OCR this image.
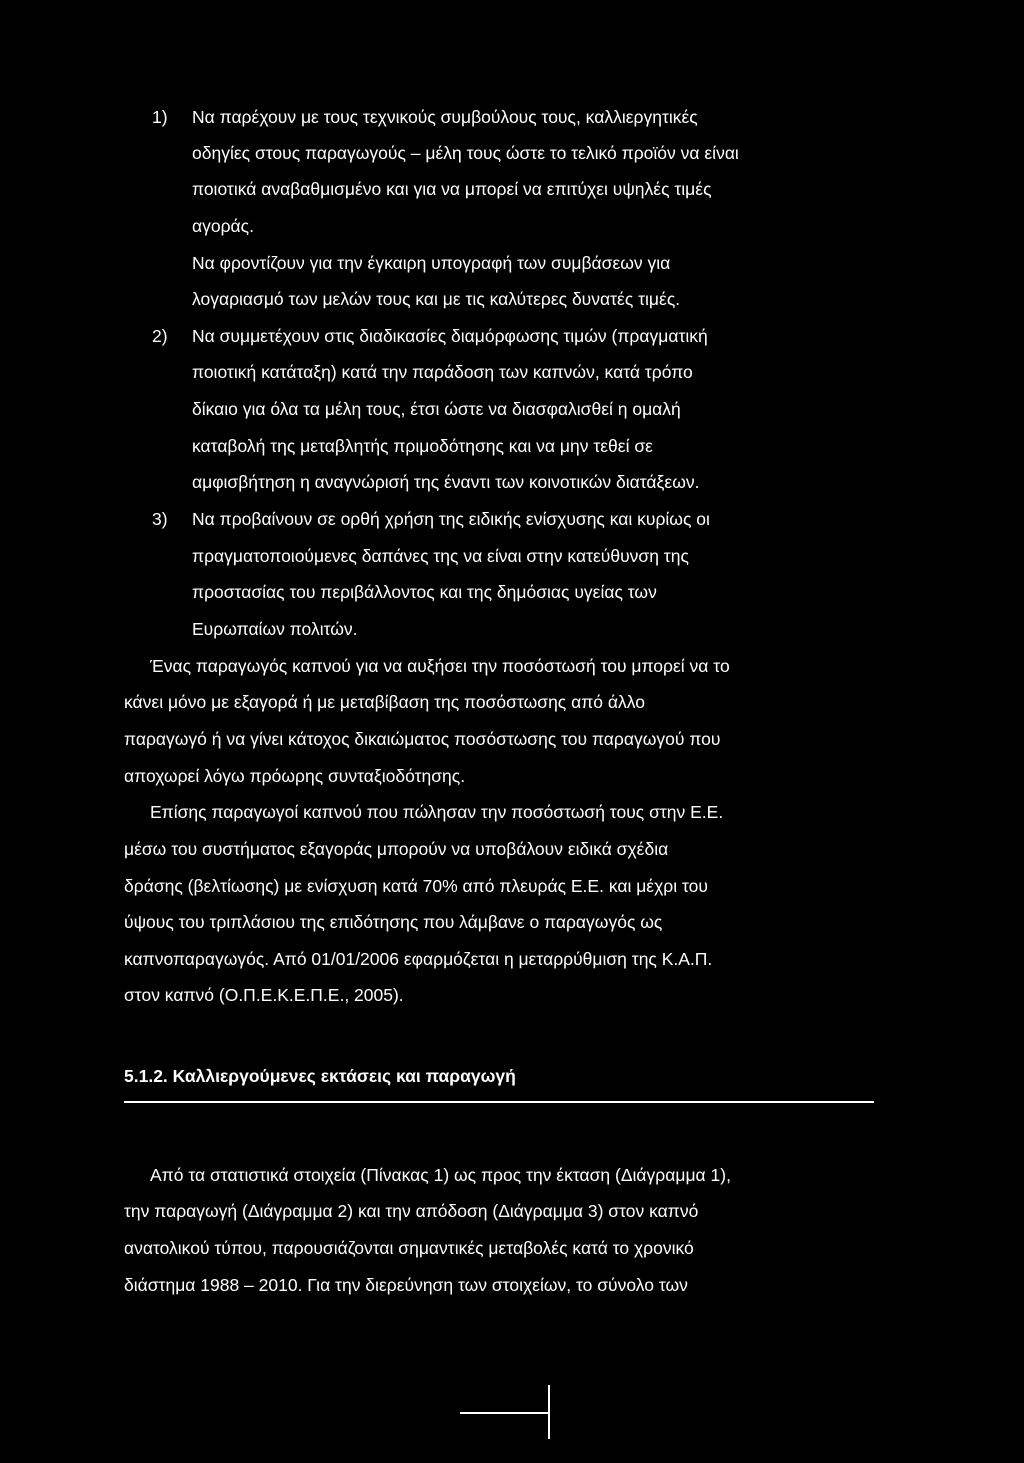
1) Να παρέχουν με τους τεχνικούς συμβούλους τους, καλλιεργητικές
οδηγίες στους παραγωγούς – μέλη τους ώστε το τελικό προϊόν να είναι
ποιοτικά αναβαθμισμένο και για να μπορεί να επιτύχει υψηλές τιμές
αγοράς.
Να φροντίζουν για την έγκαιρη υπογραφή των συμβάσεων για
λογαριασμό των μελών τους και με τις καλύτερες δυνατές τιμές.
2) Να συμμετέχουν στις διαδικασίες διαμόρφωσης τιμών (πραγματική
ποιοτική κατάταξη) κατά την παράδοση των καπνών, κατά τρόπο
δίκαιο για όλα τα μέλη τους, έτσι ώστε να διασφαλισθεί η ομαλή
καταβολή της μεταβλητής πριμοδότησης και να μην τεθεί σε
αμφισβήτηση η αναγνώρισή της έναντι των κοινοτικών διατάξεων.
3) Να προβαίνουν σε ορθή χρήση της ειδικής ενίσχυσης και κυρίως οι
πραγματοποιούμενες δαπάνες της να είναι στην κατεύθυνση της
προστασίας του περιβάλλοντος και της δημόσιας υγείας των
Ευρωπαίων πολιτών.
Ένας παραγωγός καπνού για να αυξήσει την ποσόστωσή του μπορεί να το
κάνει μόνο με εξαγορά ή με μεταβίβαση της ποσόστωσης από άλλο
παραγωγό ή να γίνει κάτοχος δικαιώματος ποσόστωσης του παραγωγού που
αποχωρεί λόγω πρόωρης συνταξιοδότησης.
Επίσης παραγωγοί καπνού που πώλησαν την ποσόστωσή τους στην Ε.Ε.
μέσω του συστήματος εξαγοράς μπορούν να υποβάλουν ειδικά σχέδια
δράσης (βελτίωσης) με ενίσχυση κατά 70% από πλευράς Ε.Ε. και μέχρι του
ύψους του τριπλάσιου της επιδότησης που λάμβανε ο παραγωγός ως
καπνοπαραγωγός. Από 01/01/2006 εφαρμόζεται η μεταρρύθμιση της Κ.Α.Π.
στον καπνό (Ο.Π.Ε.Κ.Ε.Π.Ε., 2005).
5.1.2. Καλλιεργούμενες εκτάσεις και παραγωγή
Από τα στατιστικά στοιχεία (Πίνακας 1) ως προς την έκταση (Διάγραμμα 1),
την παραγωγή (Διάγραμμα 2) και την απόδοση (Διάγραμμα 3) στον καπνό
ανατολικού τύπου, παρουσιάζονται σημαντικές μεταβολές κατά το χρονικό
διάστημα 1988 – 2010. Για την διερεύνηση των στοιχείων, το σύνολο των
